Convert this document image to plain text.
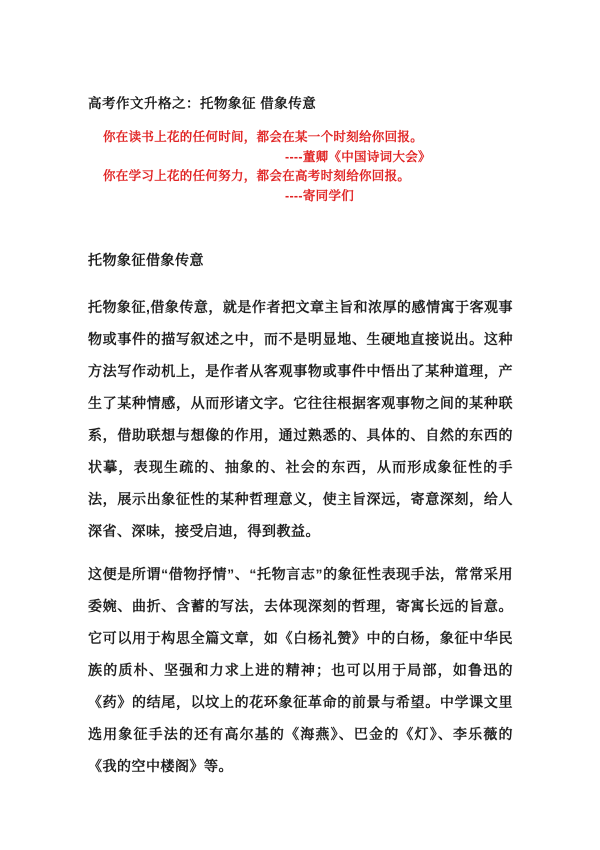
高考作文升格之：托物象征 借象传意
你在读书上花的任何时间，都会在某一个时刻给你回报。
----董卿《中国诗词大会》
你在学习上花的任何努力，都会在高考时刻给你回报。
----寄同学们
托物象征借象传意

托物象征,借象传意，就是作者把文章主旨和浓厚的感情寓于客观事物或事件的描写叙述之中，而不是明显地、生硬地直接说出。这种方法写作动机上，是作者从客观事物或事件中悟出了某种道理，产生了某种情感，从而形诸文字。它往往根据客观事物之间的某种联系，借助联想与想像的作用，通过熟悉的、具体的、自然的东西的状摹，表现生疏的、抽象的、社会的东西，从而形成象征性的手法，展示出象征性的某种哲理意义，使主旨深远，寄意深刻，给人深省、深味，接受启迪，得到教益。

这便是所谓“借物抒情”、“托物言志”的象征性表现手法，常常采用委婉、曲折、含蓄的写法，去体现深刻的哲理，寄寓长远的旨意。它可以用于构思全篇文章，如《白杨礼赞》中的白杨，象征中华民族的质朴、坚强和力求上进的精神；也可以用于局部，如鲁迅的《药》的结尾，以坟上的花环象征革命的前景与希望。中学课文里选用象征手法的还有高尔基的《海燕》、巴金的《灯》、李乐薇的《我的空中楼阁》等。
